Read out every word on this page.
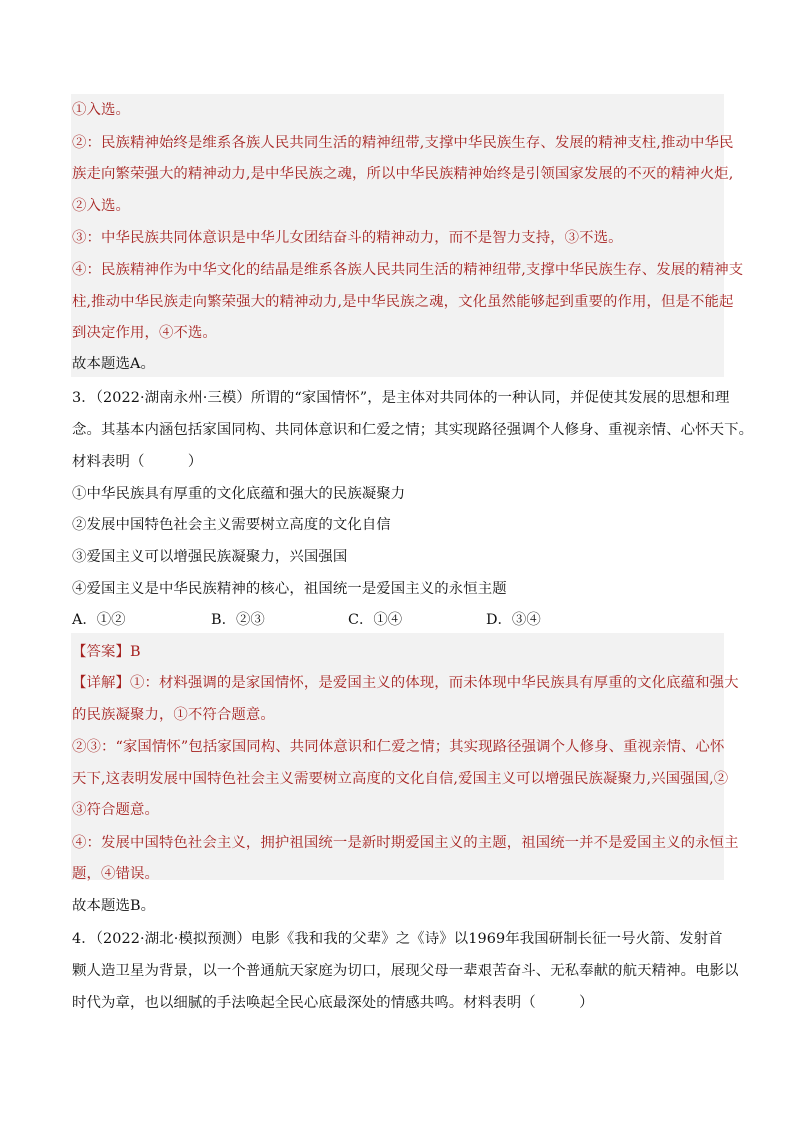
①入选。
②：民族精神始终是维系各族人民共同生活的精神纽带,支撑中华民族生存、发展的精神支柱,推动中华民
族走向繁荣强大的精神动力,是中华民族之魂，所以中华民族精神始终是引领国家发展的不灭的精神火炬,
②入选。
③：中华民族共同体意识是中华儿女团结奋斗的精神动力，而不是智力支持，③不选。
④：民族精神作为中华文化的结晶是维系各族人民共同生活的精神纽带,支撑中华民族生存、发展的精神支
柱,推动中华民族走向繁荣强大的精神动力,是中华民族之魂，文化虽然能够起到重要的作用，但是不能起
到决定作用，④不选。
故本题选A。
3．（2022·湖南永州·三模）所谓的“家国情怀”，是主体对共同体的一种认同，并促使其发展的思想和理
念。其基本内涵包括家国同构、共同体意识和仁爱之情；其实现路径强调个人修身、重视亲情、心怀天下。
材料表明（　　　）
①中华民族具有厚重的文化底蕴和强大的民族凝聚力
②发展中国特色社会主义需要树立高度的文化自信
③爱国主义可以增强民族凝聚力，兴国强国
④爱国主义是中华民族精神的核心，祖国统一是爱国主义的永恒主题
A．①②	B．②③	C．①④	D．③④
【答案】B
【详解】①：材料强调的是家国情怀，是爱国主义的体现，而未体现中华民族具有厚重的文化底蕴和强大
的民族凝聚力，①不符合题意。
②③：“家国情怀”包括家国同构、共同体意识和仁爱之情；其实现路径强调个人修身、重视亲情、心怀
天下,这表明发展中国特色社会主义需要树立高度的文化自信,爱国主义可以增强民族凝聚力,兴国强国,②
③符合题意。
④：发展中国特色社会主义，拥护祖国统一是新时期爱国主义的主题，祖国统一并不是爱国主义的永恒主
题，④错误。
故本题选B。
4．（2022·湖北·模拟预测）电影《我和我的父辈》之《诗》以1969年我国研制长征一号火箭、发射首
颗人造卫星为背景，以一个普通航天家庭为切口，展现父母一辈艰苦奋斗、无私奉献的航天精神。电影以
时代为章，也以细腻的手法唤起全民心底最深处的情感共鸣。材料表明（　　　）
